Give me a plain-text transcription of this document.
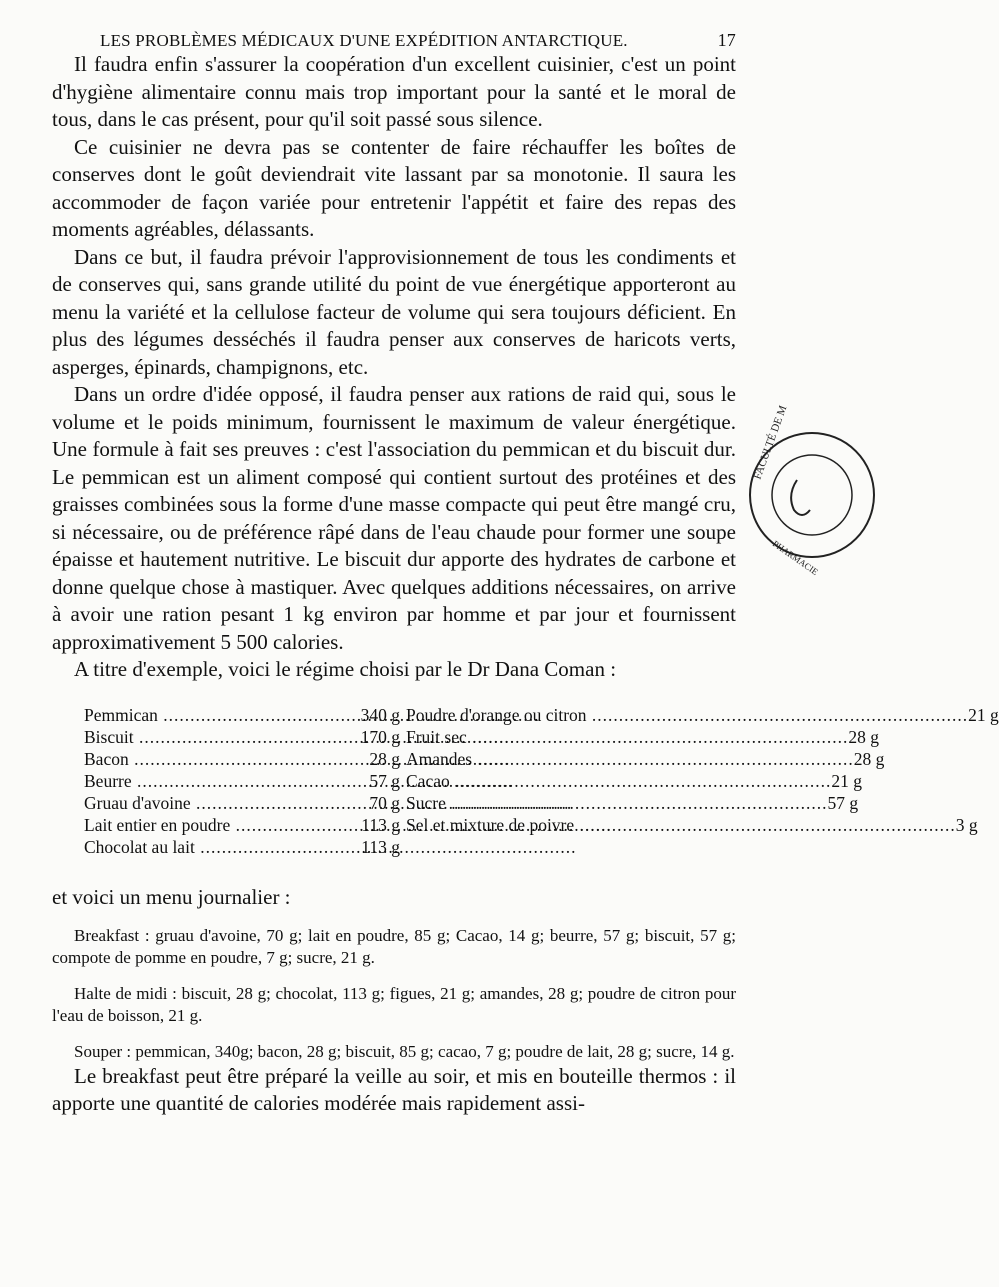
LES PROBLÈMES MÉDICAUX D'UNE EXPÉDITION ANTARCTIQUE.	17

Il faudra enfin s'assurer la coopération d'un excellent cuisinier, c'est un point d'hygiène alimentaire connu mais trop important pour la santé et le moral de tous, dans le cas présent, pour qu'il soit passé sous silence.

Ce cuisinier ne devra pas se contenter de faire réchauffer les boîtes de conserves dont le goût deviendrait vite lassant par sa monotonie. Il saura les accommoder de façon variée pour entretenir l'appétit et faire des repas des moments agréables, délassants.

Dans ce but, il faudra prévoir l'approvisionnement de tous les condiments et de conserves qui, sans grande utilité du point de vue énergétique apporteront au menu la variété et la cellulose facteur de volume qui sera toujours déficient. En plus des légumes desséchés il faudra penser aux conserves de haricots verts, asperges, épinards, champignons, etc.

Dans un ordre d'idée opposé, il faudra penser aux rations de raid qui, sous le volume et le poids minimum, fournissent le maximum de valeur énergétique. Une formule à fait ses preuves : c'est l'association du pemmican et du biscuit dur. Le pemmican est un aliment composé qui contient surtout des protéines et des graisses combinées sous la forme d'une masse compacte qui peut être mangé cru, si nécessaire, ou de préférence râpé dans de l'eau chaude pour former une soupe épaisse et hautement nutritive. Le biscuit dur apporte des hydrates de carbone et donne quelque chose à mastiquer. Avec quelques additions nécessaires, on arrive à avoir une ration pesant 1 kg environ par homme et par jour et fournissent approximativement 5 500 calories.

A titre d'exemple, voici le régime choisi par le Dr Dana Coman :

Pemmican .....	340 g
Biscuit .....	170 g
Bacon .....	28 g
Beurre .....	57 g
Gruau d'avoine .....	70 g
Lait entier en poudre .....	113 g
Chocolat au lait .....	113 g
Poudre d'orange ou citron .....	21 g
Fruit sec .....	28 g
Amandes .....	28 g
Cacao .....	21 g
Sucre .....	57 g
Sel et mixture de poivre .....	3 g
et voici un menu journalier :
Breakfast : gruau d'avoine, 70 g; lait en poudre, 85 g; Cacao, 14 g; beurre, 57 g; biscuit, 57 g; compote de pomme en poudre, 7 g; sucre, 21 g.
Halte de midi : biscuit, 28 g; chocolat, 113 g; figues, 21 g; amandes, 28 g; poudre de citron pour l'eau de boisson, 21 g.
Souper : pemmican, 340g; bacon, 28 g; biscuit, 85 g; cacao, 7 g; poudre de lait, 28 g; sucre, 14 g.

Le breakfast peut être préparé la veille au soir, et mis en bouteille thermos : il apporte une quantité de calories modérée mais rapidement assi-

FACULTÉ DE M
PHARMACIE
